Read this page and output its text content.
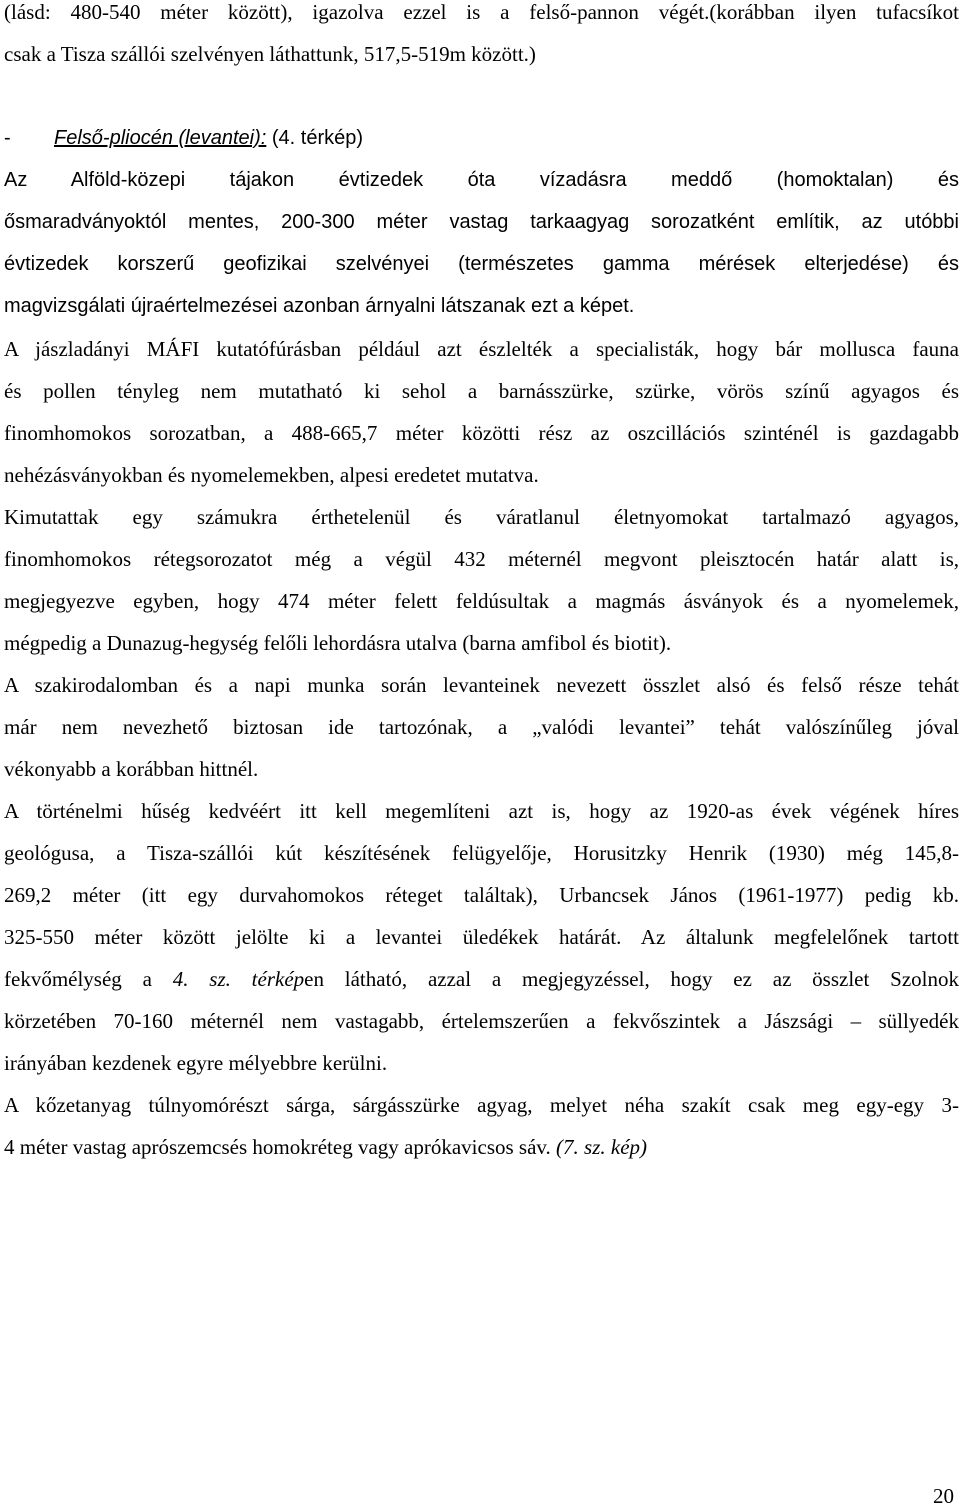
(lásd: 480-540 méter között), igazolva ezzel is a felső-pannon végét.(korábban ilyen tufacsíkot
csak a Tisza szállói szelvényen láthattunk, 517,5-519m között.)
- Felső-pliocén (levantei): (4. térkép)
Az Alföld-közepi tájakon évtizedek óta vízadásra meddő (homoktalan) és
ősmaradványoktól mentes, 200-300 méter vastag tarkaagyag sorozatként említik, az utóbbi
évtizedek korszerű geofizikai szelvényei (természetes gamma mérések elterjedése) és
magvizsgálati újraértelmezései azonban árnyalni látszanak ezt a képet.
A jászladányi MÁFI kutatófúrásban például azt észlelték a specialisták, hogy bár mollusca fauna
és pollen tényleg nem mutatható ki sehol a barnásszürke, szürke, vörös színű agyagos és
finomhomokos sorozatban, a 488-665,7 méter közötti rész az oszcillációs szinténél is gazdagabb
nehézásványokban és nyomelemekben, alpesi eredetet mutatva.
Kimutattak egy számukra érthetelenül és váratlanul életnyomokat tartalmazó agyagos,
finomhomokos rétegsorozatot még a végül 432 méternél megvont pleisztocén határ alatt is,
megjegyezve egyben, hogy 474 méter felett feldúsultak a magmás ásványok és a nyomelemek,
mégpedig a Dunazug-hegység felőli lehordásra utalva (barna amfibol és biotit).
A szakirodalomban és a napi munka során levanteinek nevezett összlet alsó és felső része tehát
már nem nevezhető biztosan ide tartozónak, a „valódi levantei” tehát valószínűleg jóval
vékonyabb a korábban hittnél.
A történelmi hűség kedvéért itt kell megemlíteni azt is, hogy az 1920-as évek végének híres
geológusa, a Tisza-szállói kút készítésének felügyelője, Horusitzky Henrik (1930) még 145,8-
269,2 méter (itt egy durvahomokos réteget találtak), Urbancsek János (1961-1977) pedig kb.
325-550 méter között jelölte ki a levantei üledékek határát. Az általunk megfelelőnek tartott
fekvőmélység a 4. sz. térképen látható, azzal a megjegyzéssel, hogy ez az összlet Szolnok
körzetében 70-160 méternél nem vastagabb, értelemszerűen a fekvőszintek a Jászsági – süllyedék
irányában kezdenek egyre mélyebbre kerülni.
A kőzetanyag túlnyomórészt sárga, sárgásszürke agyag, melyet néha szakít csak meg egy-egy 3-
4 méter vastag aprószemcsés homokréteg vagy aprókavicsos sáv. (7. sz. kép)
20
